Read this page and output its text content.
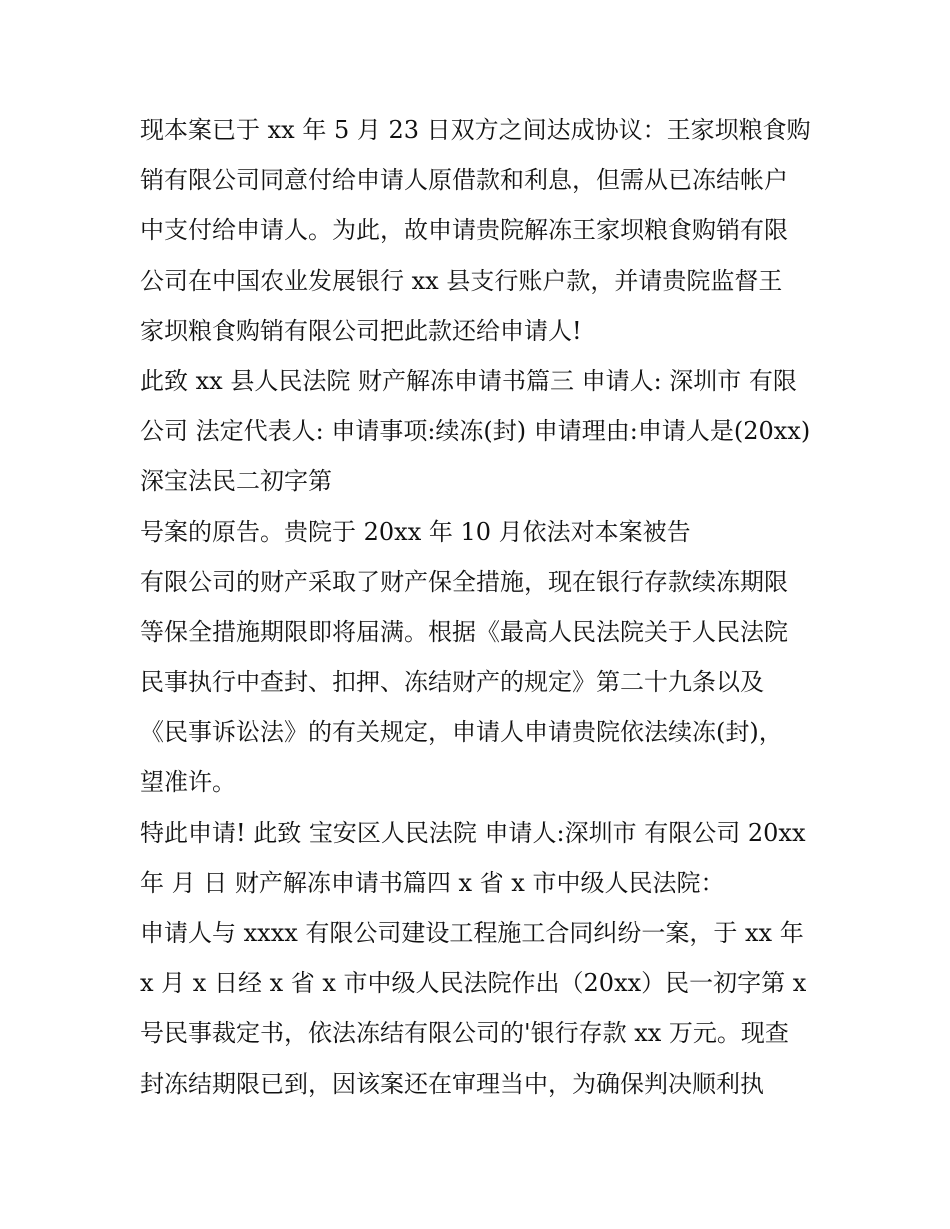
现本案已于 xx 年 5 月 23 日双方之间达成协议：王家坝粮食购
销有限公司同意付给申请人原借款和利息，但需从已冻结帐户
中支付给申请人。为此，故申请贵院解冻王家坝粮食购销有限
公司在中国农业发展银行 xx 县支行账户款，并请贵院监督王
家坝粮食购销有限公司把此款还给申请人!
此致 xx 县人民法院 财产解冻申请书篇三 申请人: 深圳市 有限
公司 法定代表人: 申请事项:续冻(封) 申请理由:申请人是(20xx)
深宝法民二初字第
号案的原告。贵院于 20xx 年 10 月依法对本案被告
有限公司的财产采取了财产保全措施，现在银行存款续冻期限
等保全措施期限即将届满。根据《最高人民法院关于人民法院
民事执行中查封、扣押、冻结财产的规定》第二十九条以及
《民事诉讼法》的有关规定，申请人申请贵院依法续冻(封)，
望准许。
特此申请! 此致 宝安区人民法院 申请人:深圳市 有限公司 20xx
年 月 日 财产解冻申请书篇四 x 省 x 市中级人民法院：
申请人与 xxxx 有限公司建设工程施工合同纠纷一案，于 xx 年
x 月 x 日经 x 省 x 市中级人民法院作出（20xx）民一初字第 x
号民事裁定书，依法冻结有限公司的'银行存款 xx 万元。现查
封冻结期限已到，因该案还在审理当中，为确保判决顺利执
